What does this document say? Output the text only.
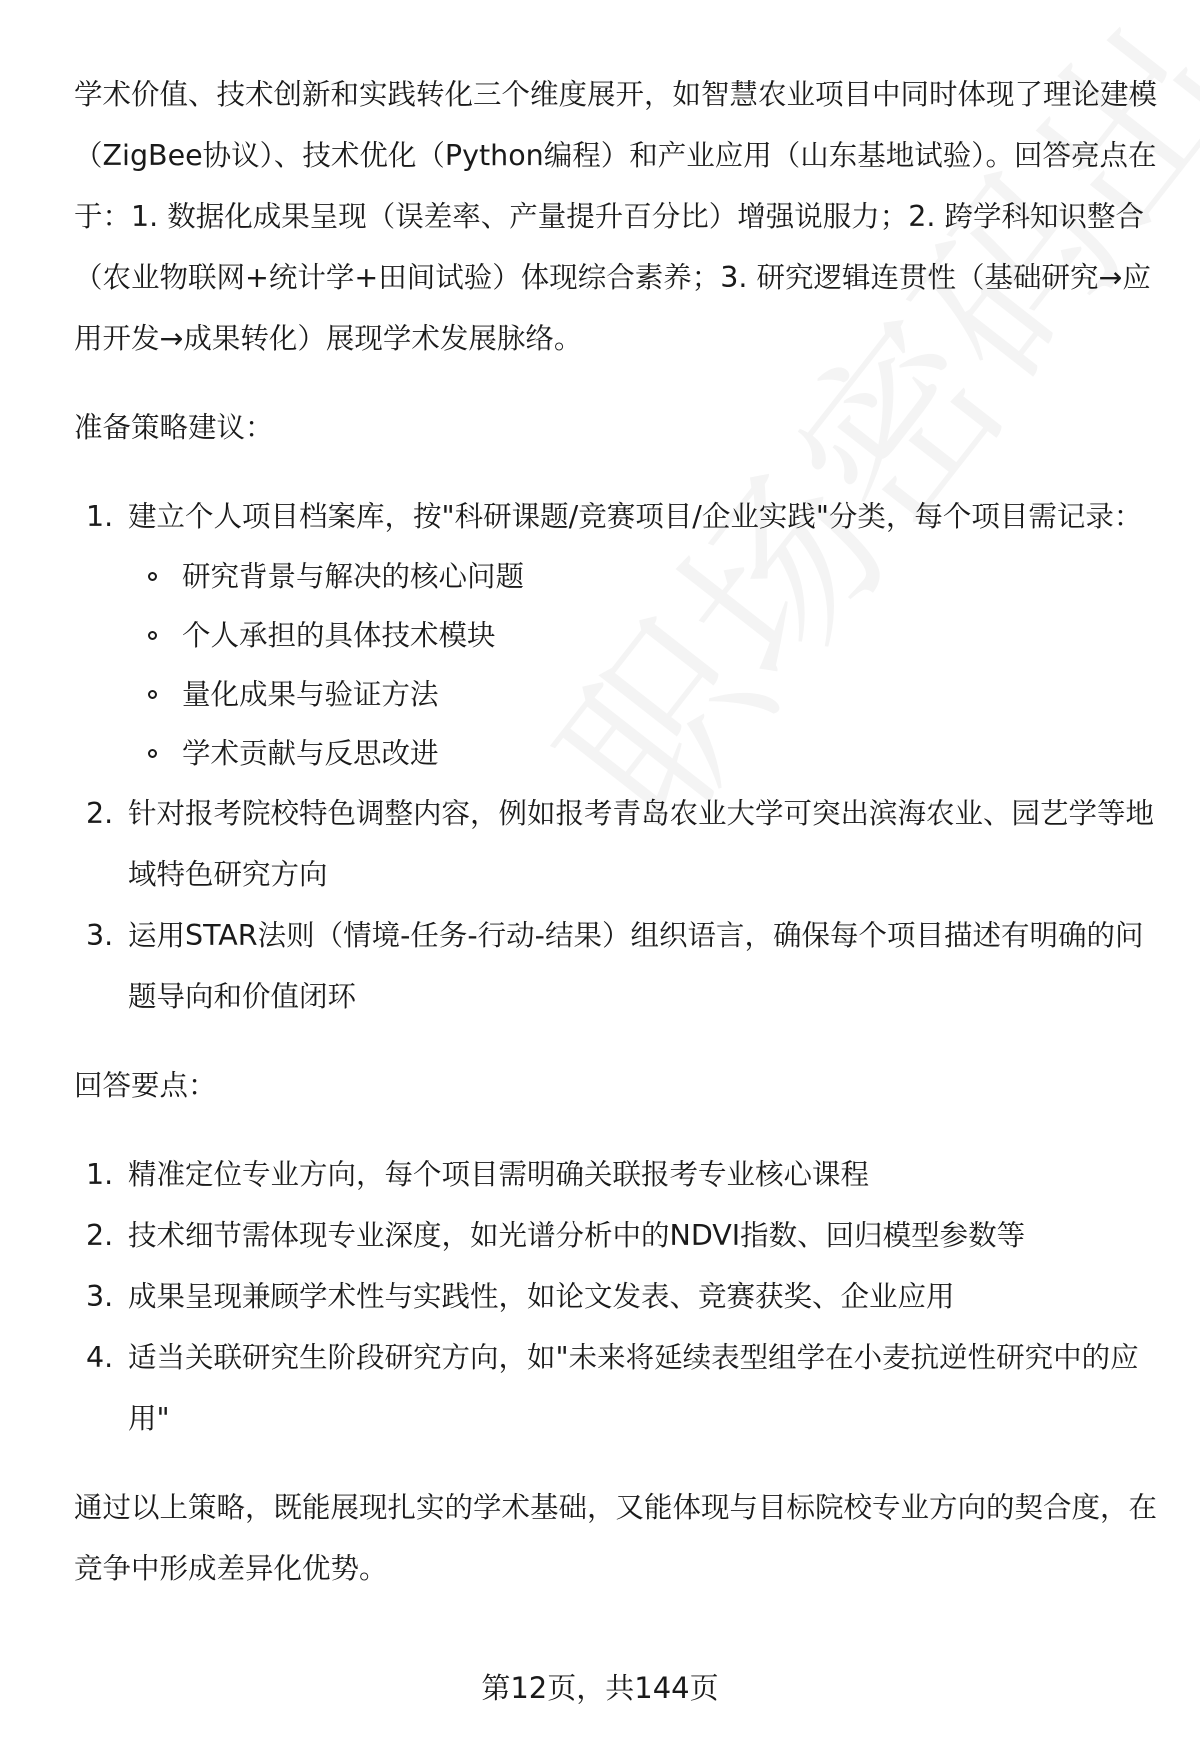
学术价值、技术创新和实践转化三个维度展开，如智慧农业项目中同时体现了理论建模（ZigBee协议）、技术优化（Python编程）和产业应用（山东基地试验）。回答亮点在于：1. 数据化成果呈现（误差率、产量提升百分比）增强说服力；2. 跨学科知识整合（农业物联网+统计学+田间试验）体现综合素养；3. 研究逻辑连贯性（基础研究→应用开发→成果转化）展现学术发展脉络。

准备策略建议：

1. 建立个人项目档案库，按"科研课题/竞赛项目/企业实践"分类，每个项目需记录：
研究背景与解决的核心问题
个人承担的具体技术模块
量化成果与验证方法
学术贡献与反思改进
2. 针对报考院校特色调整内容，例如报考青岛农业大学可突出滨海农业、园艺学等地域特色研究方向
3. 运用STAR法则（情境-任务-行动-结果）组织语言，确保每个项目描述有明确的问题导向和价值闭环

回答要点：

1. 精准定位专业方向，每个项目需明确关联报考专业核心课程
2. 技术细节需体现专业深度，如光谱分析中的NDVI指数、回归模型参数等
3. 成果呈现兼顾学术性与实践性，如论文发表、竞赛获奖、企业应用
4. 适当关联研究生阶段研究方向，如"未来将延续表型组学在小麦抗逆性研究中的应用"

通过以上策略，既能展现扎实的学术基础，又能体现与目标院校专业方向的契合度，在竞争中形成差异化优势。

第12页，共144页
